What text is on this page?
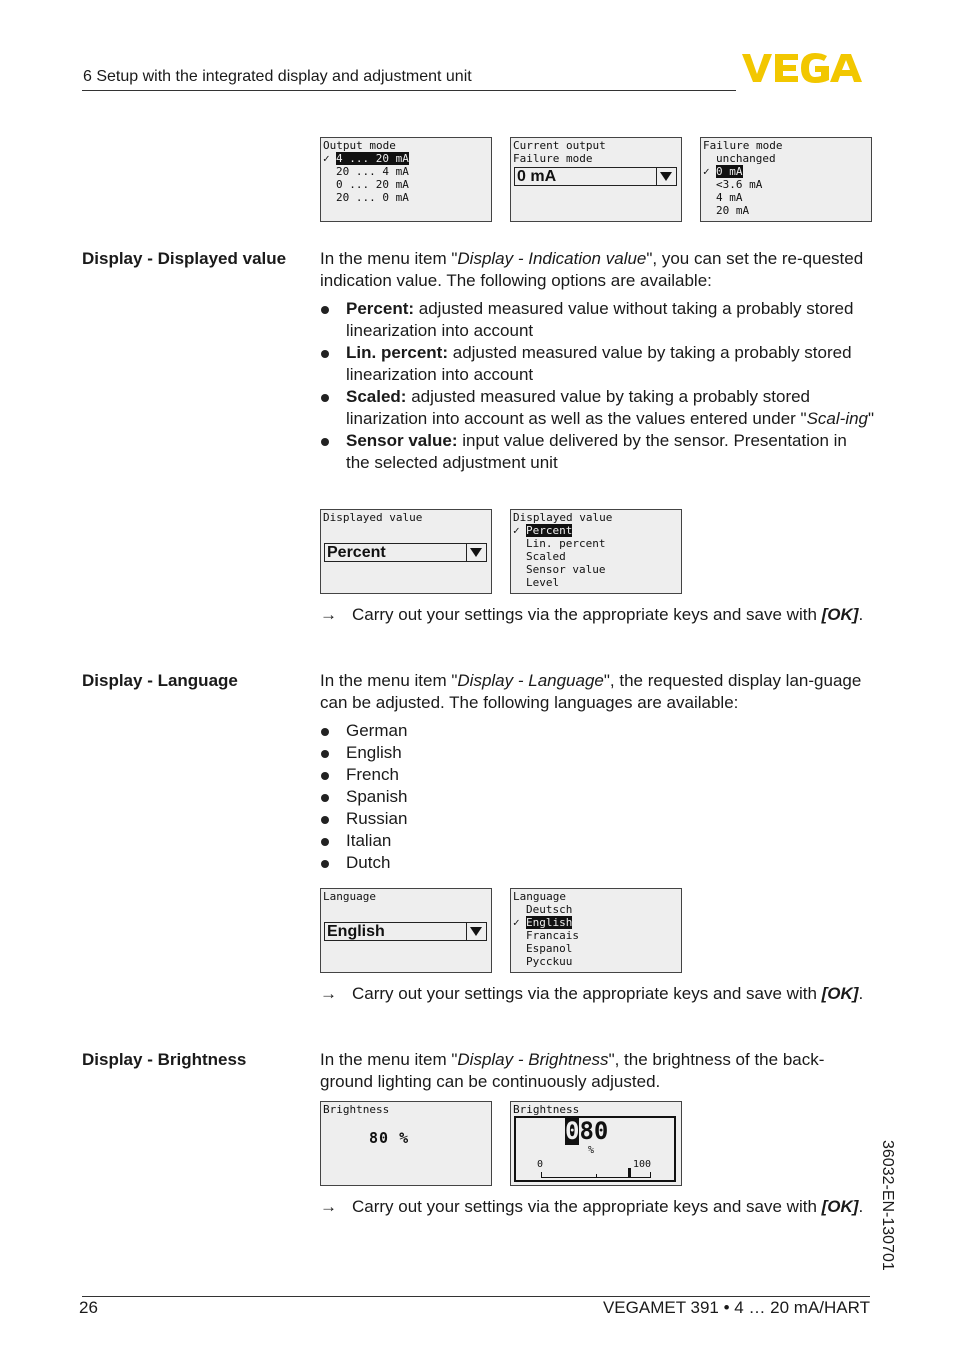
6 Setup with the integrated display and adjustment unit
Output mode
✓ 4 ... 20 mA
20 ... 4 mA
0 ... 20 mA
20 ... 0 mA
Current output
Failure mode
0 mA
Failure mode
unchanged
✓ 0 mA
<3.6 mA
4 mA
20 mA
Display - Displayed value In the menu item "Display - Indication value", you can set the re-quested indication value. The following options are available:
Percent: adjusted measured value without taking a probably stored linearization into account
Lin. percent: adjusted measured value by taking a probably stored linearization into account
Scaled: adjusted measured value by taking a probably stored linarization into account as well as the values entered under "Scal-ing"
Sensor value: input value delivered by the sensor. Presentation in the selected adjustment unit
Displayed value
Percent
Displayed value
✓ Percent
Lin. percent
Scaled
Sensor value
Level
→ Carry out your settings via the appropriate keys and save with [OK].
Display - Language	In the menu item "Display - Language", the requested display lan-guage can be adjusted. The following languages are available:
German
English
French
Spanish
Russian
Italian
Dutch
Language
English
Language
Deutsch
✓ English
Francais
Espanol
Pycckuu
→ Carry out your settings via the appropriate keys and save with [OK].
Display - Brightness	In the menu item "Display - Brightness", the brightness of the back-ground lighting can be continuously adjusted.
Brightness
80 %
Brightness
080
%
0	100
→ Carry out your settings via the appropriate keys and save with [OK]. 36032-EN-130701
26	VEGAMET 391 • 4 … 20 mA/HART
